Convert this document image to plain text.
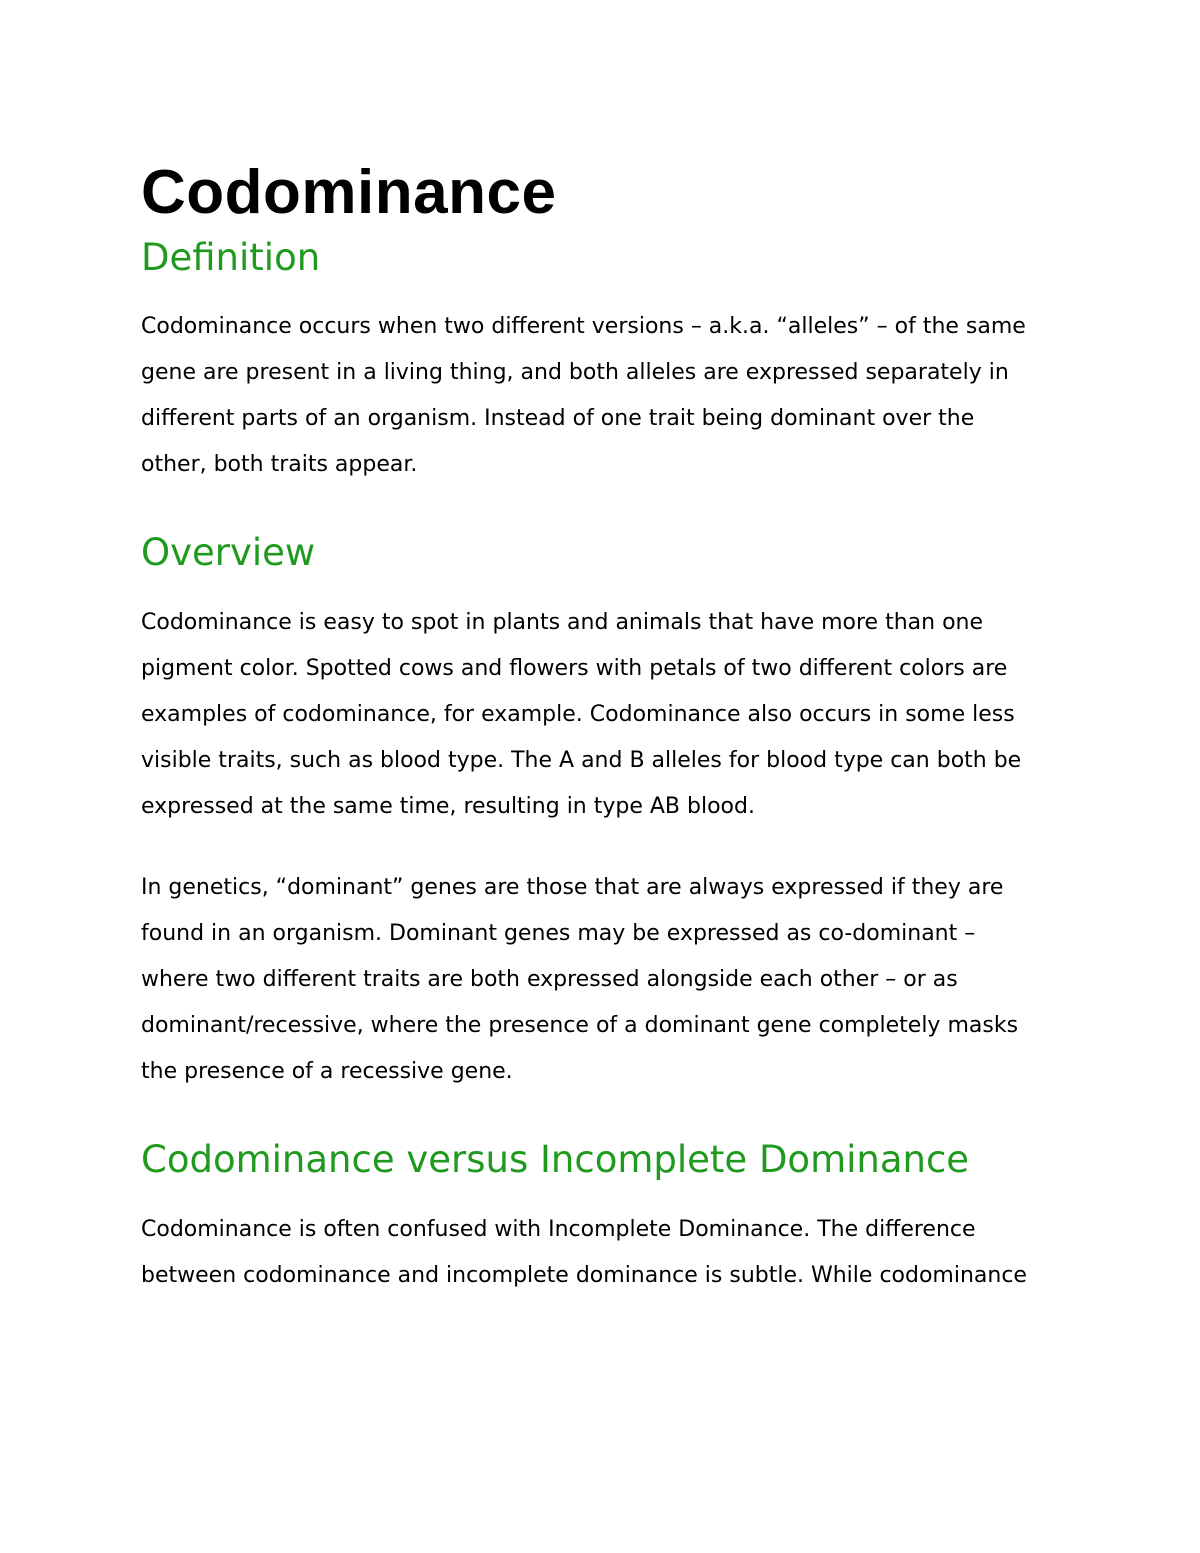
Codominance
Definition

Codominance occurs when two different versions – a.k.a. “alleles” – of the same
gene are present in a living thing, and both alleles are expressed separately in
different parts of an organism. Instead of one trait being dominant over the
other, both traits appear.

Overview

Codominance is easy to spot in plants and animals that have more than one
pigment color. Spotted cows and flowers with petals of two different colors are
examples of codominance, for example. Codominance also occurs in some less
visible traits, such as blood type. The A and B alleles for blood type can both be
expressed at the same time, resulting in type AB blood.

In genetics, “dominant” genes are those that are always expressed if they are
found in an organism. Dominant genes may be expressed as co-dominant –
where two different traits are both expressed alongside each other – or as
dominant/recessive, where the presence of a dominant gene completely masks
the presence of a recessive gene.

Codominance versus Incomplete Dominance

Codominance is often confused with Incomplete Dominance. The difference
between codominance and incomplete dominance is subtle. While codominance
